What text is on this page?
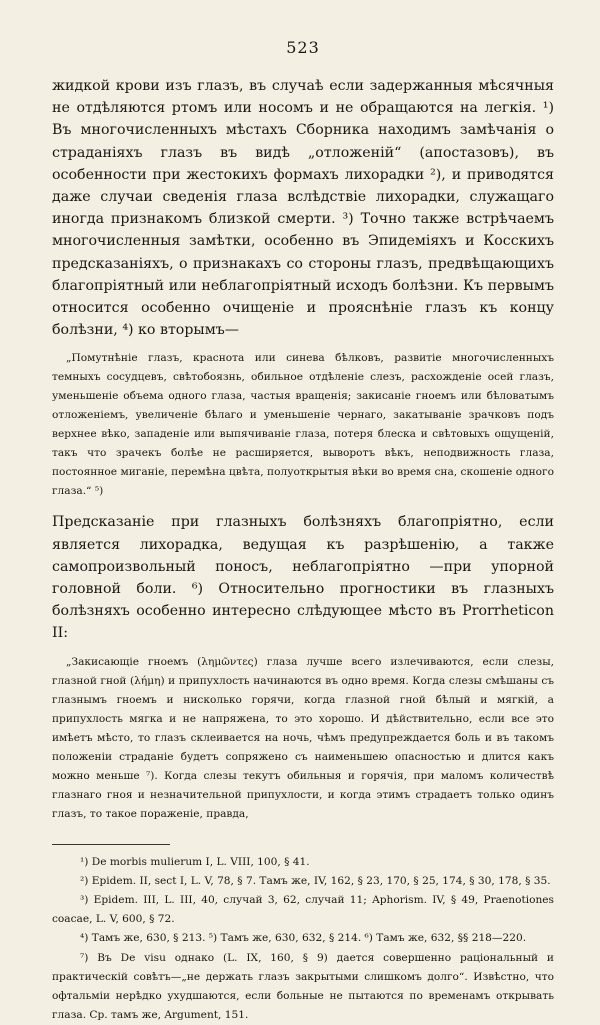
523

жидкой крови изъ глазъ, въ случаѣ если задержанныя мѣсячныя не отдѣляются ртомъ или носомъ и не обращаются на легкія. ¹) Въ многочисленныхъ мѣстахъ Сборника находимъ замѣчанія о страданіяхъ глазъ въ видѣ „отложеній“ (апостазовъ), въ особенности при жестокихъ формахъ лихорадки ²), и приводятся даже случаи сведенія глаза вслѣдствіе лихорадки, служащаго иногда признакомъ близкой смерти. ³) Точно также встрѣчаемъ многочисленныя замѣтки, особенно въ Эпидеміяхъ и Косскихъ предсказаніяхъ, о признакахъ со стороны глазъ, предвѣщающихъ благопріятный или неблагопріятный исходъ болѣзни. Къ первымъ относится особенно очищеніе и прояснѣніе глазъ къ концу болѣзни, ⁴) ко вторымъ—

„Помутнѣніе глазъ, краснота или синева бѣлковъ, развитіе многочисленныхъ темныхъ сосудцевъ, свѣтобоязнь, обильное отдѣленіе слезъ, расхожденіе осей глазъ, уменьшеніе объема одного глаза, частыя вращенія; закисаніе гноемъ или бѣловатымъ отложеніемъ, увеличеніе бѣлаго и уменьшеніе чернаго, закатываніе зрачковъ подъ верхнее вѣко, западеніе или выпячиваніе глаза, потеря блеска и свѣтовыхъ ощущеній, такъ что зрачекъ болѣе не расширяется, выворотъ вѣкъ, неподвижность глаза, постоянное миганіе, перемѣна цвѣта, полуоткрытыя вѣки во время сна, скошеніе одного глаза.“ ⁵)

Предсказаніе при глазныхъ болѣзняхъ благопріятно, если является лихорадка, ведущая къ разрѣшенію, а также самопроизвольный поносъ, неблагопріятно —при упорной головной боли. ⁶) Относительно прогностики въ глазныхъ болѣзняхъ особенно интересно слѣдующее мѣсто въ Prorrheticon II:

„Закисающіе гноемъ (λημῶντες) глаза лучше всего излечиваются, если слезы, глазной гной (λήμη) и припухлость начинаются въ одно время. Когда слезы смѣшаны съ глазнымъ гноемъ и нисколько горячи, когда глазной гной бѣлый и мягкій, а припухлость мягка и не напряжена, то это хорошо. И дѣйствительно, если все это имѣетъ мѣсто, то глазъ склеивается на ночь, чѣмъ предупреждается боль и въ такомъ положеніи страданіе будетъ сопряжено съ наименьшею опасностью и длится какъ можно меньше ⁷). Когда слезы текутъ обильныя и горячія, при маломъ количествѣ глазнаго гноя и незначительной припухлости, и когда этимъ страдаетъ только одинъ глазъ, то такое пораженіе, правда,

¹) De morbis mulierum I, L. VIII, 100, § 41.

²) Epidem. II, sect I, L. V, 78, § 7. Тамъ же, IV, 162, § 23, 170, § 25, 174, § 30, 178, § 35.

³) Epidem. III, L. III, 40, случай 3, 62, случай 11; Aphorism. IV, § 49, Praenotiones coacae, L. V, 600, § 72.

⁴) Тамъ же, 630, § 213. ⁵) Тамъ же, 630, 632, § 214. ⁶) Тамъ же, 632, §§ 218—220.

⁷) Въ De visu однако (L. IX, 160, § 9) дается совершенно раціональный и практическій совѣтъ—„не держать глазъ закрытыми слишкомъ долго“. Извѣстно, что офтальміи нерѣдко ухудшаются, если больные не пытаются по временамъ открывать глаза. Ср. тамъ же, Argument, 151.
